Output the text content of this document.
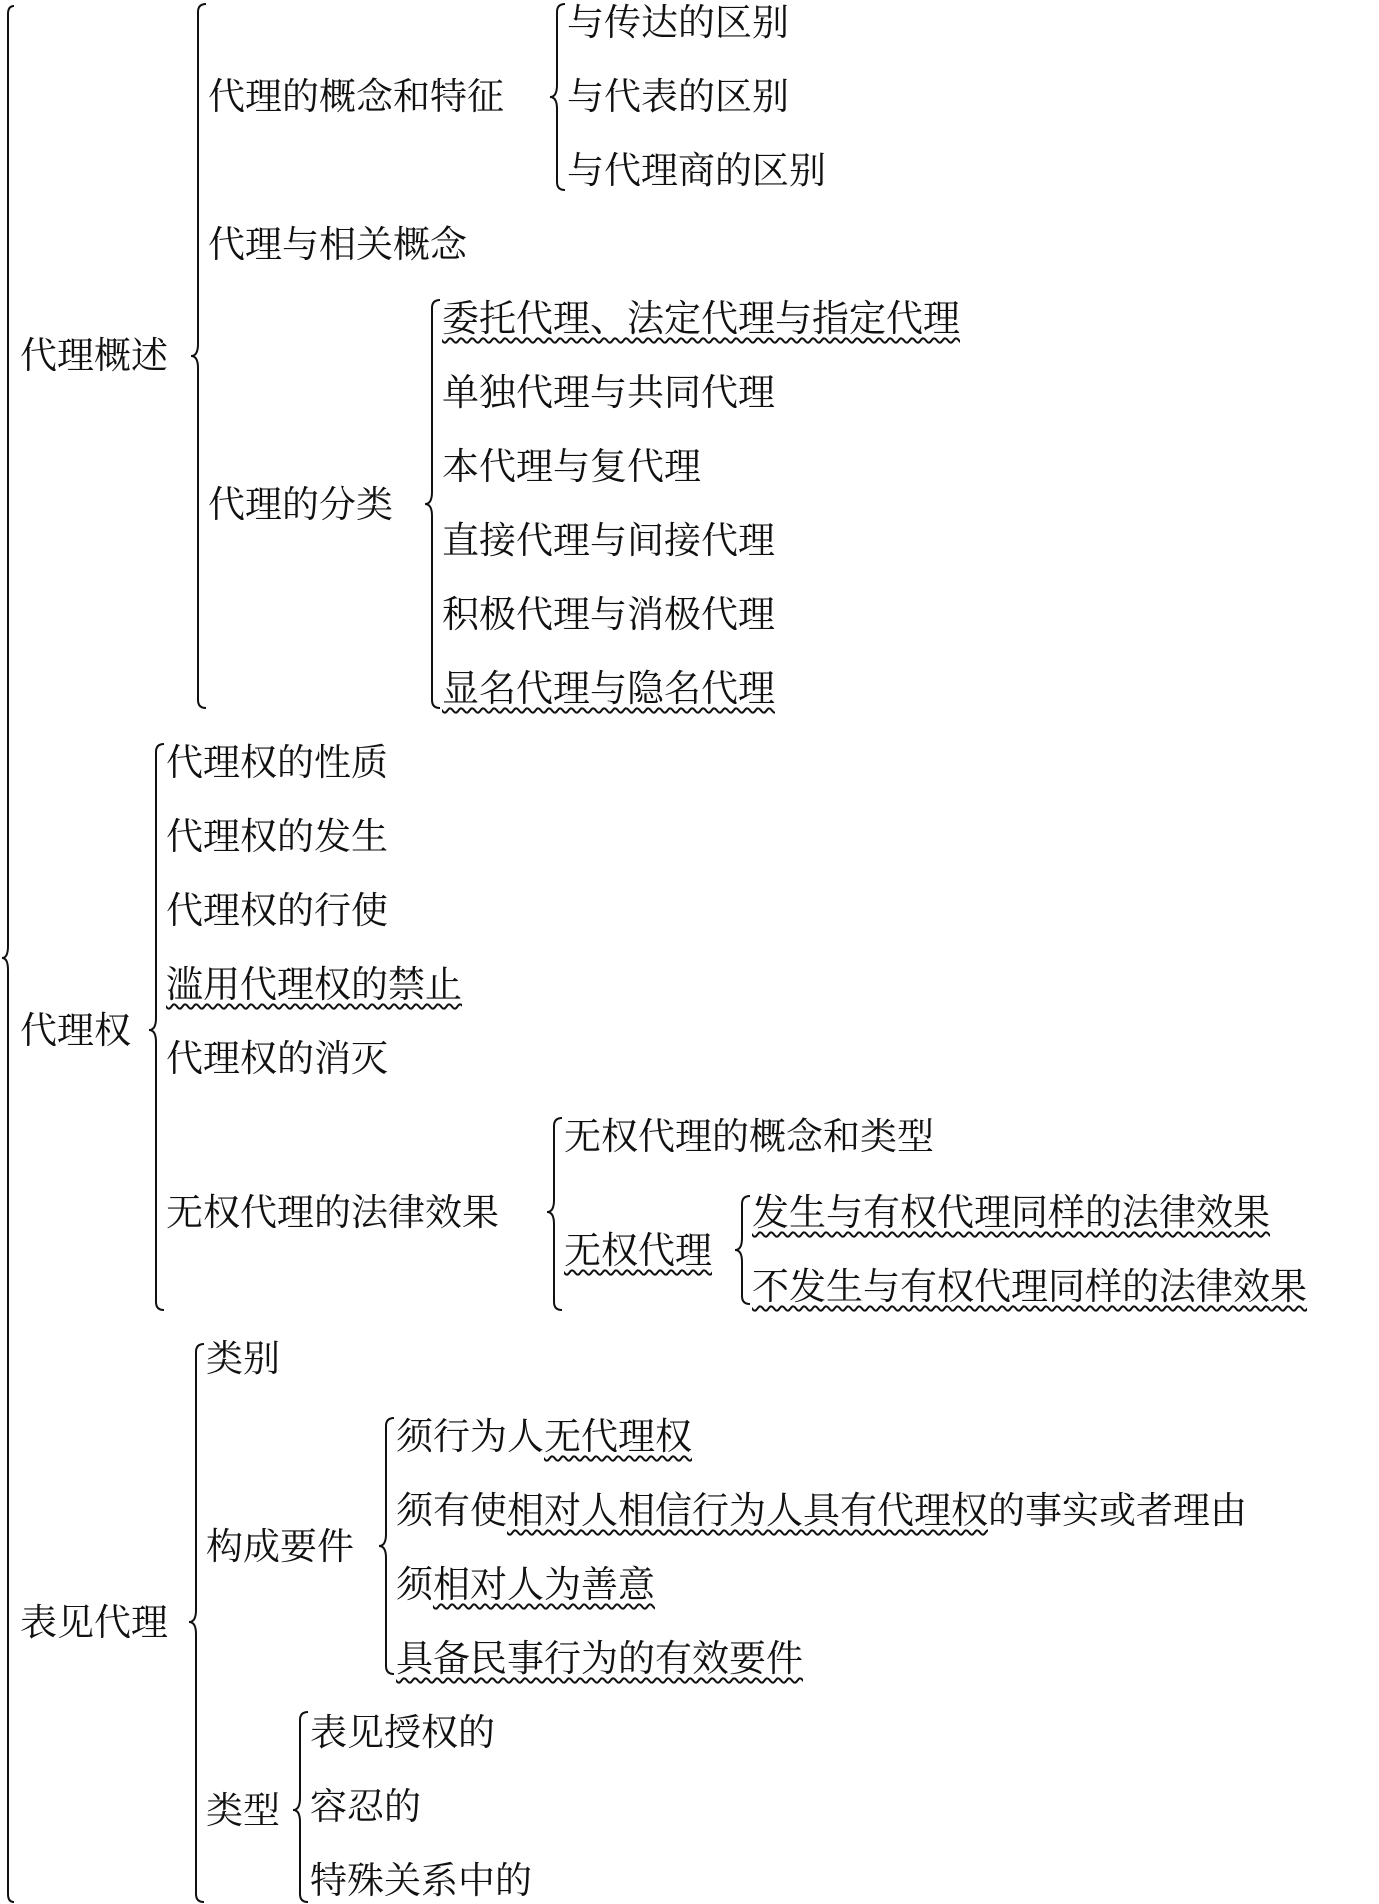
代理概述
代理的概念和特征
与传达的区别
与代表的区别
与代理商的区别
代理与相关概念
代理的分类
委托代理、法定代理与指定代理
单独代理与共同代理
本代理与复代理
直接代理与间接代理
积极代理与消极代理
显名代理与隐名代理
代理权
代理权的性质
代理权的发生
代理权的行使
滥用代理权的禁止
代理权的消灭
无权代理的法律效果
无权代理的概念和类型
无权代理
发生与有权代理同样的法律效果
不发生与有权代理同样的法律效果
表见代理
类别
构成要件
须行为人无代理权
须有使相对人相信行为人具有代理权的事实或者理由
须相对人为善意
具备民事行为的有效要件
类型
表见授权的
容忍的
特殊关系中的
